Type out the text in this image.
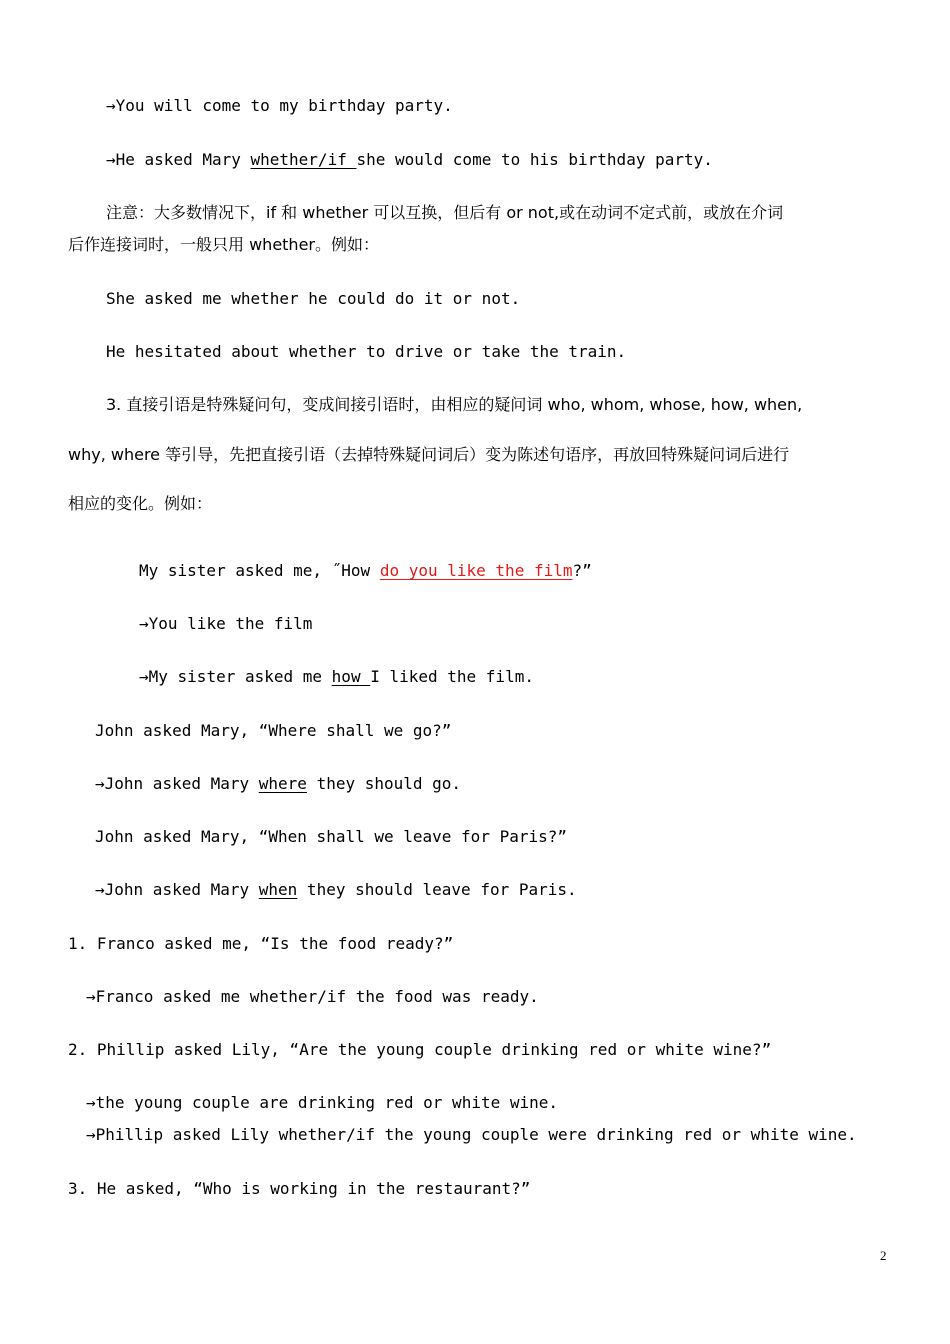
→You will come to my birthday party.
→He asked Mary whether/if she would come to his birthday party.
注意：大多数情况下，if 和 whether 可以互换，但后有 or not,或在动词不定式前，或放在介词
后作连接词时，一般只用 whether。例如：
She asked me whether he could do it or not.
He hesitated about whether to drive or take the train.
3. 直接引语是特殊疑问句，变成间接引语时，由相应的疑问词 who, whom, whose, how, when,
why, where 等引导，先把直接引语（去掉特殊疑问词后）变为陈述句语序，再放回特殊疑问词后进行
相应的变化。例如：
My sister asked me, ˝How do you like the film?”
→You like the film
→My sister asked me how I liked the film.
John asked Mary, “Where shall we go?”
→John asked Mary where they should go.
John asked Mary, “When shall we leave for Paris?”
→John asked Mary when they should leave for Paris.
1. Franco asked me, “Is the food ready?”
→Franco asked me whether/if the food was ready.
2. Phillip asked Lily, “Are the young couple drinking red or white wine?”
→the young couple are drinking red or white wine.
→Phillip asked Lily whether/if the young couple were drinking red or white wine.
3. He asked, “Who is working in the restaurant?”
2
